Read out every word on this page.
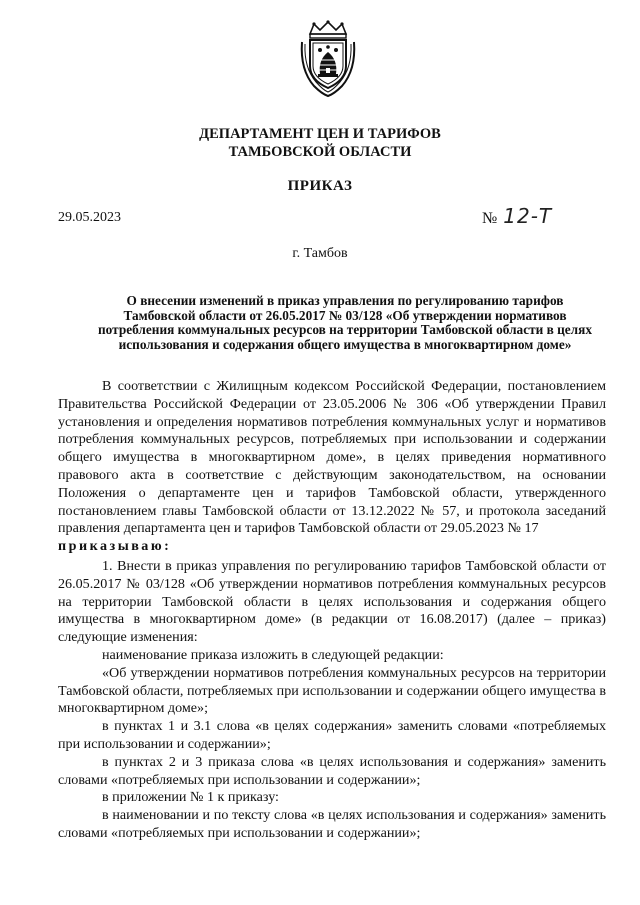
ДЕПАРТАМЕНТ ЦЕН И ТАРИФОВ
ТАМБОВСКОЙ ОБЛАСТИ
ПРИКАЗ
29.05.2023	№ 12-Т
г. Тамбов
О внесении изменений в приказ управления по регулированию тарифов Тамбовской области от 26.05.2017 № 03/128 «Об утверждении нормативов потребления коммунальных ресурсов на территории Тамбовской области в целях использования и содержания общего имущества в многоквартирном доме»

В соответствии с Жилищным кодексом Российской Федерации, постановлением Правительства Российской Федерации от 23.05.2006 № 306 «Об утверждении Правил установления и определения нормативов потребления коммунальных услуг и нормативов потребления коммунальных ресурсов, потребляемых при использовании и содержании общего имущества в многоквартирном доме», в целях приведения нормативного правового акта в соответствие с действующим законодательством, на основании Положения о департаменте цен и тарифов Тамбовской области, утвержденного постановлением главы Тамбовской области от 13.12.2022 № 57, и протокола заседаний правления департамента цен и тарифов Тамбовской области от 29.05.2023 № 17

приказываю:

1. Внести в приказ управления по регулированию тарифов Тамбовской области от 26.05.2017 № 03/128 «Об утверждении нормативов потребления коммунальных ресурсов на территории Тамбовской области в целях использования и содержания общего имущества в многоквартирном доме» (в редакции от 16.08.2017) (далее – приказ) следующие изменения:

наименование приказа изложить в следующей редакции:

«Об утверждении нормативов потребления коммунальных ресурсов на территории Тамбовской области, потребляемых при использовании и содержании общего имущества в многоквартирном доме»;

в пунктах 1 и 3.1 слова «в целях содержания» заменить словами «потребляемых при использовании и содержании»;

в пунктах 2 и 3 приказа слова «в целях использования и содержания» заменить словами «потребляемых при использовании и содержании»;

в приложении № 1 к приказу:

в наименовании и по тексту слова «в целях использования и содержания» заменить словами «потребляемых при использовании и содержании»;
